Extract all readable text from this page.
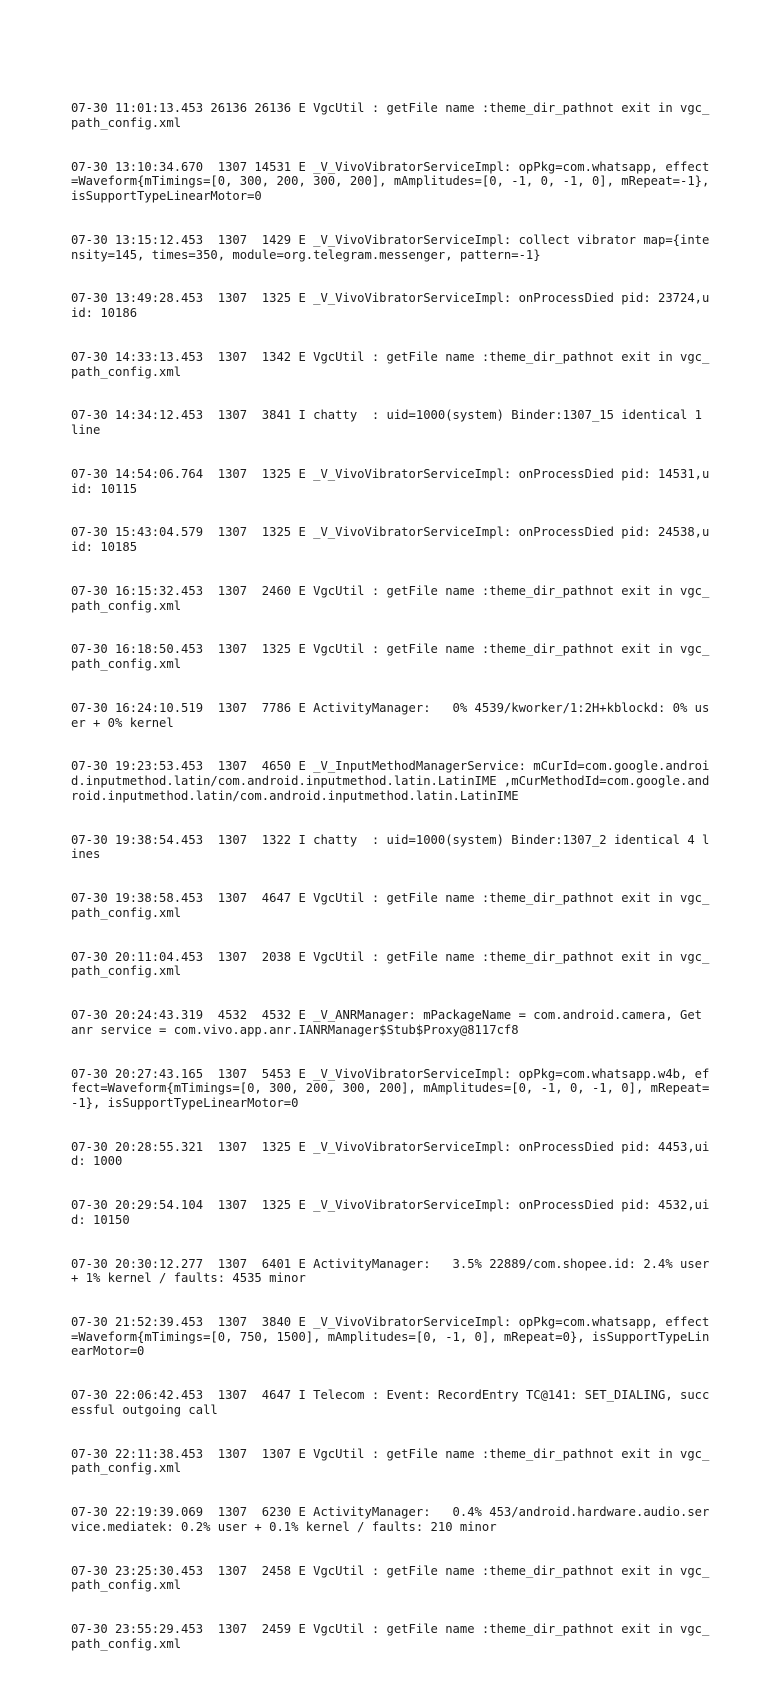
07-30 11:01:13.453 26136 26136 E VgcUtil : getFile name :theme_dir_pathnot exit in vgc_path_config.xml

07-30 13:10:34.670  1307 14531 E _V_VivoVibratorServiceImpl: opPkg=com.whatsapp, effect=Waveform{mTimings=[0, 300, 200, 300, 200], mAmplitudes=[0, -1, 0, -1, 0], mRepeat=-1}, isSupportTypeLinearMotor=0

07-30 13:15:12.453  1307  1429 E _V_VivoVibratorServiceImpl: collect vibrator map={intensity=145, times=350, module=org.telegram.messenger, pattern=-1}

07-30 13:49:28.453  1307  1325 E _V_VivoVibratorServiceImpl: onProcessDied pid: 23724,uid: 10186

07-30 14:33:13.453  1307  1342 E VgcUtil : getFile name :theme_dir_pathnot exit in vgc_path_config.xml

07-30 14:34:12.453  1307  3841 I chatty  : uid=1000(system) Binder:1307_15 identical 1 line

07-30 14:54:06.764  1307  1325 E _V_VivoVibratorServiceImpl: onProcessDied pid: 14531,uid: 10115

07-30 15:43:04.579  1307  1325 E _V_VivoVibratorServiceImpl: onProcessDied pid: 24538,uid: 10185

07-30 16:15:32.453  1307  2460 E VgcUtil : getFile name :theme_dir_pathnot exit in vgc_path_config.xml

07-30 16:18:50.453  1307  1325 E VgcUtil : getFile name :theme_dir_pathnot exit in vgc_path_config.xml

07-30 16:24:10.519  1307  7786 E ActivityManager:   0% 4539/kworker/1:2H+kblockd: 0% user + 0% kernel

07-30 19:23:53.453  1307  4650 E _V_InputMethodManagerService: mCurId=com.google.android.inputmethod.latin/com.android.inputmethod.latin.LatinIME ,mCurMethodId=com.google.android.inputmethod.latin/com.android.inputmethod.latin.LatinIME

07-30 19:38:54.453  1307  1322 I chatty  : uid=1000(system) Binder:1307_2 identical 4 lines

07-30 19:38:58.453  1307  4647 E VgcUtil : getFile name :theme_dir_pathnot exit in vgc_path_config.xml

07-30 20:11:04.453  1307  2038 E VgcUtil : getFile name :theme_dir_pathnot exit in vgc_path_config.xml

07-30 20:24:43.319  4532  4532 E _V_ANRManager: mPackageName = com.android.camera, Get anr service = com.vivo.app.anr.IANRManager$Stub$Proxy@8117cf8

07-30 20:27:43.165  1307  5453 E _V_VivoVibratorServiceImpl: opPkg=com.whatsapp.w4b, effect=Waveform{mTimings=[0, 300, 200, 300, 200], mAmplitudes=[0, -1, 0, -1, 0], mRepeat=-1}, isSupportTypeLinearMotor=0

07-30 20:28:55.321  1307  1325 E _V_VivoVibratorServiceImpl: onProcessDied pid: 4453,uid: 1000

07-30 20:29:54.104  1307  1325 E _V_VivoVibratorServiceImpl: onProcessDied pid: 4532,uid: 10150

07-30 20:30:12.277  1307  6401 E ActivityManager:   3.5% 22889/com.shopee.id: 2.4% user + 1% kernel / faults: 4535 minor

07-30 21:52:39.453  1307  3840 E _V_VivoVibratorServiceImpl: opPkg=com.whatsapp, effect=Waveform{mTimings=[0, 750, 1500], mAmplitudes=[0, -1, 0], mRepeat=0}, isSupportTypeLinearMotor=0

07-30 22:06:42.453  1307  4647 I Telecom : Event: RecordEntry TC@141: SET_DIALING, successful outgoing call

07-30 22:11:38.453  1307  1307 E VgcUtil : getFile name :theme_dir_pathnot exit in vgc_path_config.xml

07-30 22:19:39.069  1307  6230 E ActivityManager:   0.4% 453/android.hardware.audio.service.mediatek: 0.2% user + 0.1% kernel / faults: 210 minor

07-30 23:25:30.453  1307  2458 E VgcUtil : getFile name :theme_dir_pathnot exit in vgc_path_config.xml

07-30 23:55:29.453  1307  2459 E VgcUtil : getFile name :theme_dir_pathnot exit in vgc_path_config.xml
